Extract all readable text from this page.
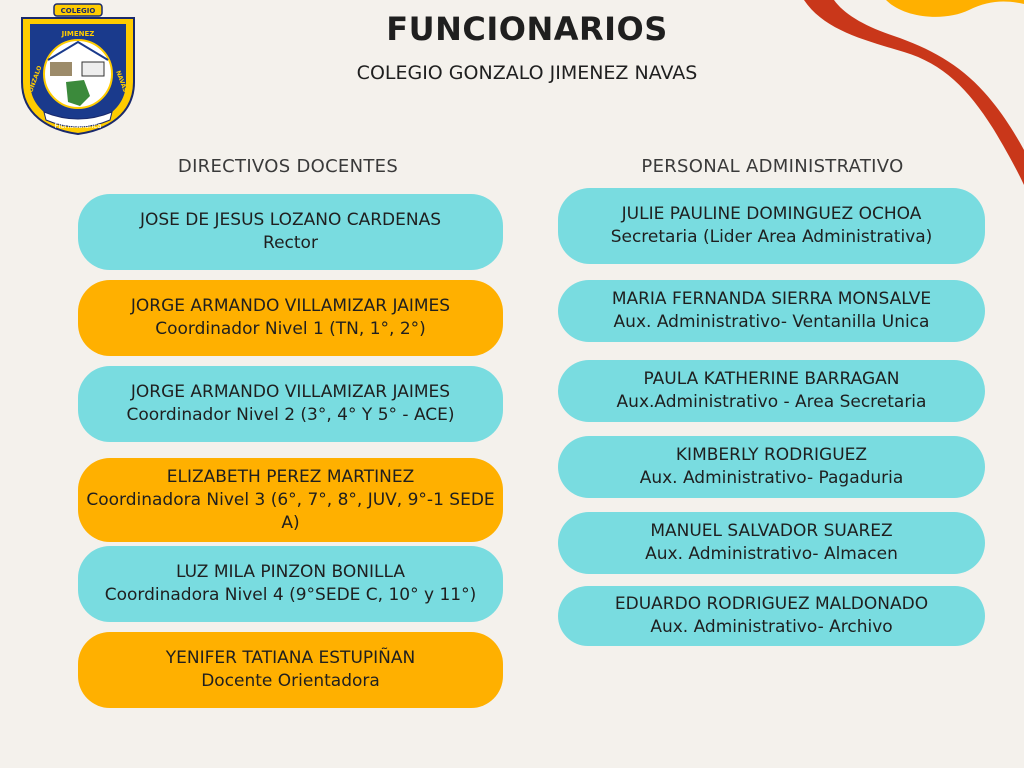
COLEGIO
JIMENEZ
GONZALO	NAVAS
Floridablanca
FUNCIONARIOS
COLEGIO GONZALO JIMENEZ NAVAS
DIRECTIVOS DOCENTES
JOSE DE JESUS LOZANO CARDENAS
Rector
JORGE ARMANDO VILLAMIZAR JAIMES
Coordinador Nivel 1 (TN, 1°, 2°)
JORGE ARMANDO VILLAMIZAR JAIMES
Coordinador Nivel 2 (3°, 4° Y 5° - ACE)
ELIZABETH PEREZ MARTINEZ
Coordinadora Nivel 3 (6°, 7°, 8°, JUV, 9°-1 SEDE A)
LUZ MILA PINZON BONILLA
Coordinadora Nivel 4 (9°SEDE C, 10° y 11°)
YENIFER TATIANA ESTUPIÑAN
Docente Orientadora
PERSONAL ADMINISTRATIVO
JULIE PAULINE DOMINGUEZ OCHOA
Secretaria (Lider Area Administrativa)
MARIA FERNANDA SIERRA MONSALVE
Aux. Administrativo- Ventanilla Unica
PAULA KATHERINE BARRAGAN
Aux.Administrativo - Area Secretaria
KIMBERLY RODRIGUEZ
Aux. Administrativo- Pagaduria
MANUEL SALVADOR SUAREZ
Aux. Administrativo- Almacen
EDUARDO RODRIGUEZ MALDONADO
Aux. Administrativo- Archivo
